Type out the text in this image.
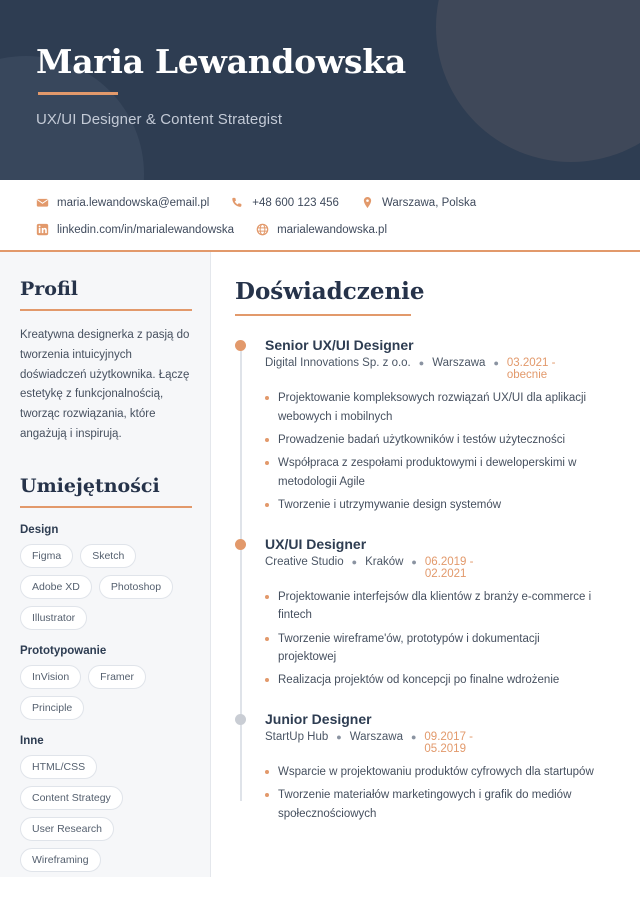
Maria Lewandowska
UX/UI Designer & Content Strategist
maria.lewandowska@email.pl	+48 600 123 456	Warszawa, Polska
linkedin.com/in/marialewandowska	marialewandowska.pl
Profil

Kreatywna designerka z pasją do tworzenia intuicyjnych doświadczeń użytkownika. Łączę estetykę z funkcjonalnością, tworząc rozwiązania, które angażują i inspirują.

Umiejętności
Design
Figma	Sketch
Adobe XD	Photoshop
Illustrator
Prototypowanie
InVision	Framer
Principle
Inne
HTML/CSS
Content Strategy
User Research
Wireframing
Doświadczenie
Senior UX/UI Designer
Digital Innovations Sp. z o.o. ● Warszawa ● 03.2021 - obecnie
Projektowanie kompleksowych rozwiązań UX/UI dla aplikacji webowych i mobilnych
Prowadzenie badań użytkowników i testów użyteczności
Współpraca z zespołami produktowymi i deweloperskimi w metodologii Agile
Tworzenie i utrzymywanie design systemów
UX/UI Designer
Creative Studio ● Kraków ● 06.2019 - 02.2021
Projektowanie interfejsów dla klientów z branży e-commerce i fintech
Tworzenie wireframe'ów, prototypów i dokumentacji projektowej
Realizacja projektów od koncepcji po finalne wdrożenie
Junior Designer
StartUp Hub ● Warszawa ● 09.2017 - 05.2019
Wsparcie w projektowaniu produktów cyfrowych dla startupów
Tworzenie materiałów marketingowych i grafik do mediów społecznościowych
